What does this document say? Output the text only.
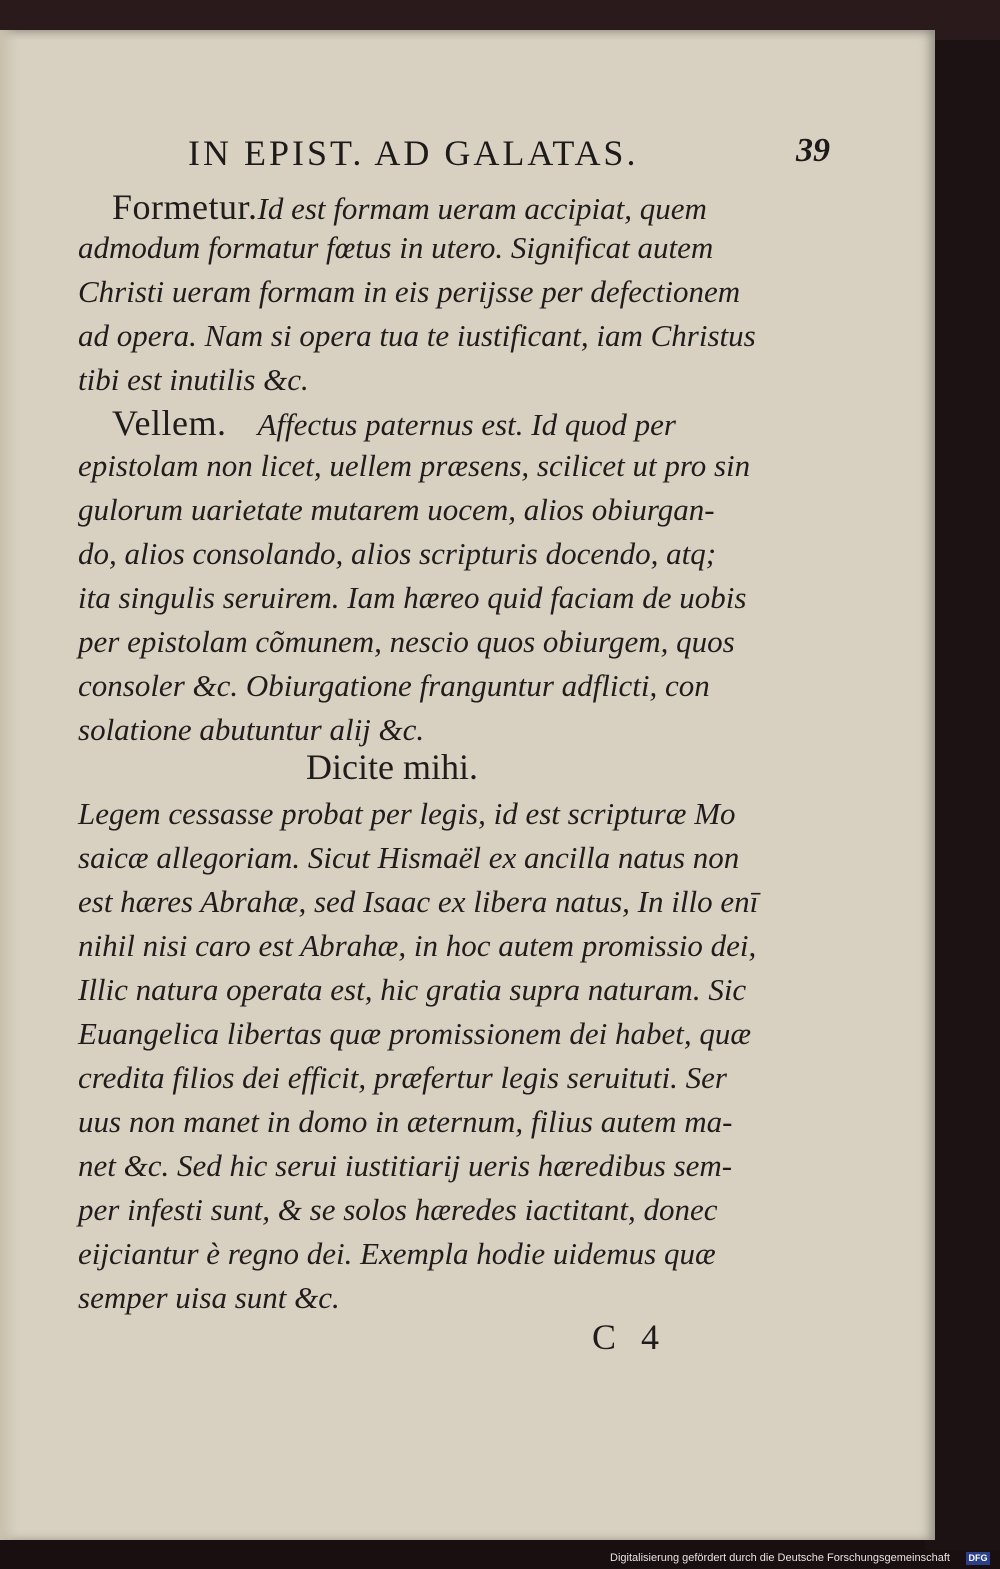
IN EPIST. AD GALATAS.	39
Formetur.Id est formam ueram accipiat, quem
admodum formatur fœtus in utero. Significat autem
Christi ueram formam in eis perijsse per defectionem
ad opera. Nam si opera tua te iustificant, iam Christus
tibi est inutilis &c.
Vellem. Affectus paternus est. Id quod per
epistolam non licet, uellem præsens, scilicet ut pro sin
gulorum uarietate mutarem uocem, alios obiurgan-
do, alios consolando, alios scripturis docendo, atq;
ita singulis seruirem. Iam hæreo quid faciam de uobis
per epistolam cõmunem, nescio quos obiurgem, quos
consoler &c. Obiurgatione franguntur adflicti, con
solatione abutuntur alij &c.
Dicite mihi.
Legem cessasse probat per legis, id est scripturæ Mo
saicæ allegoriam. Sicut Hismaël ex ancilla natus non
est hæres Abrahæ, sed Isaac ex libera natus, In illo enī
nihil nisi caro est Abrahæ, in hoc autem promissio dei,
Illic natura operata est, hic gratia supra naturam. Sic
Euangelica libertas quæ promissionem dei habet, quæ
credita filios dei efficit, præfertur legis seruituti. Ser
uus non manet in domo in æternum, filius autem ma-
net &c. Sed hic serui iustitiarij ueris hæredibus sem-
per infesti sunt, & se solos hæredes iactitant, donec
eijciantur è regno dei. Exempla hodie uidemus quæ
semper uisa sunt &c.
C 4
Digitalisierung gefördert durch die Deutsche Forschungsgemeinschaft DFG
